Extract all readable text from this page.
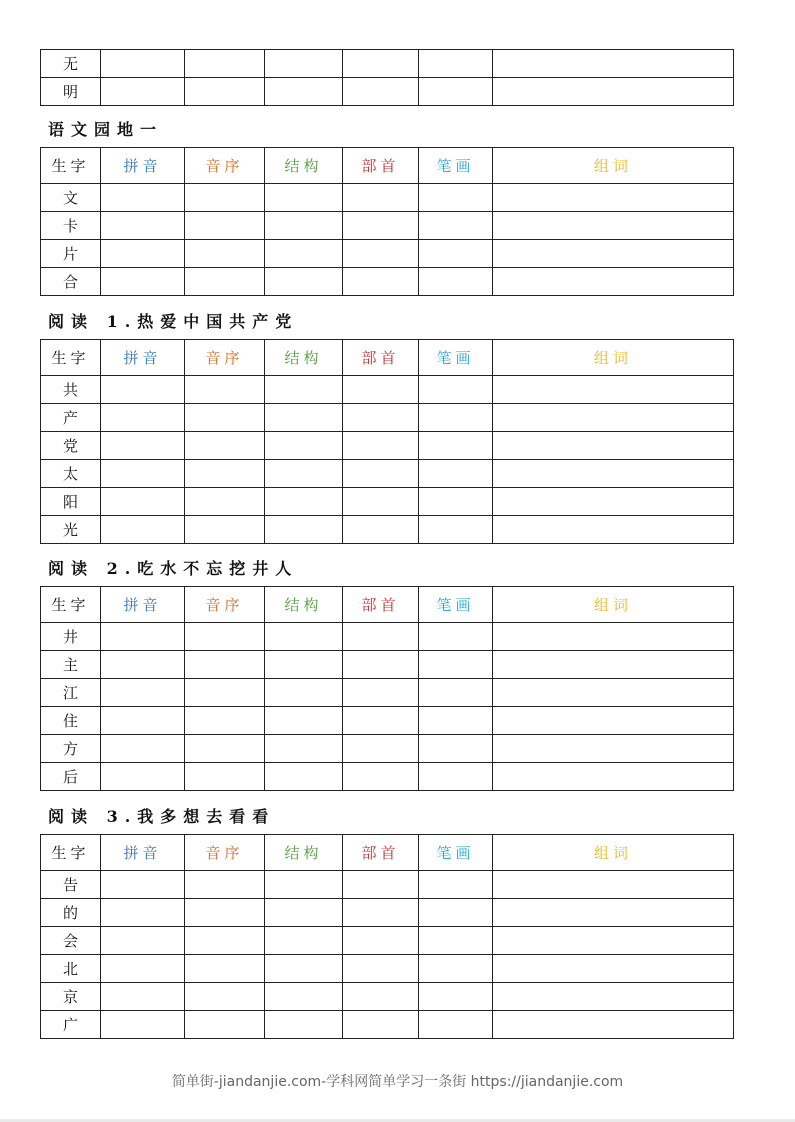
无						
明						
语文园地一
生字	拼音	音序	结构	部首	笔画	组词
文						
卡						
片						
合						
阅读 1.热爱中国共产党
生字	拼音	音序	结构	部首	笔画	组词
共						
产						
党						
太						
阳						
光						
阅读 2.吃水不忘挖井人
生字	拼音	音序	结构	部首	笔画	组词
井						
主						
江						
住						
方						
后						
阅读 3.我多想去看看
生字	拼音	音序	结构	部首	笔画	组词
告						
的						
会						
北						
京						
广						
简单街-jiandanjie.com-学科网简单学习一条街 https://jiandanjie.com
